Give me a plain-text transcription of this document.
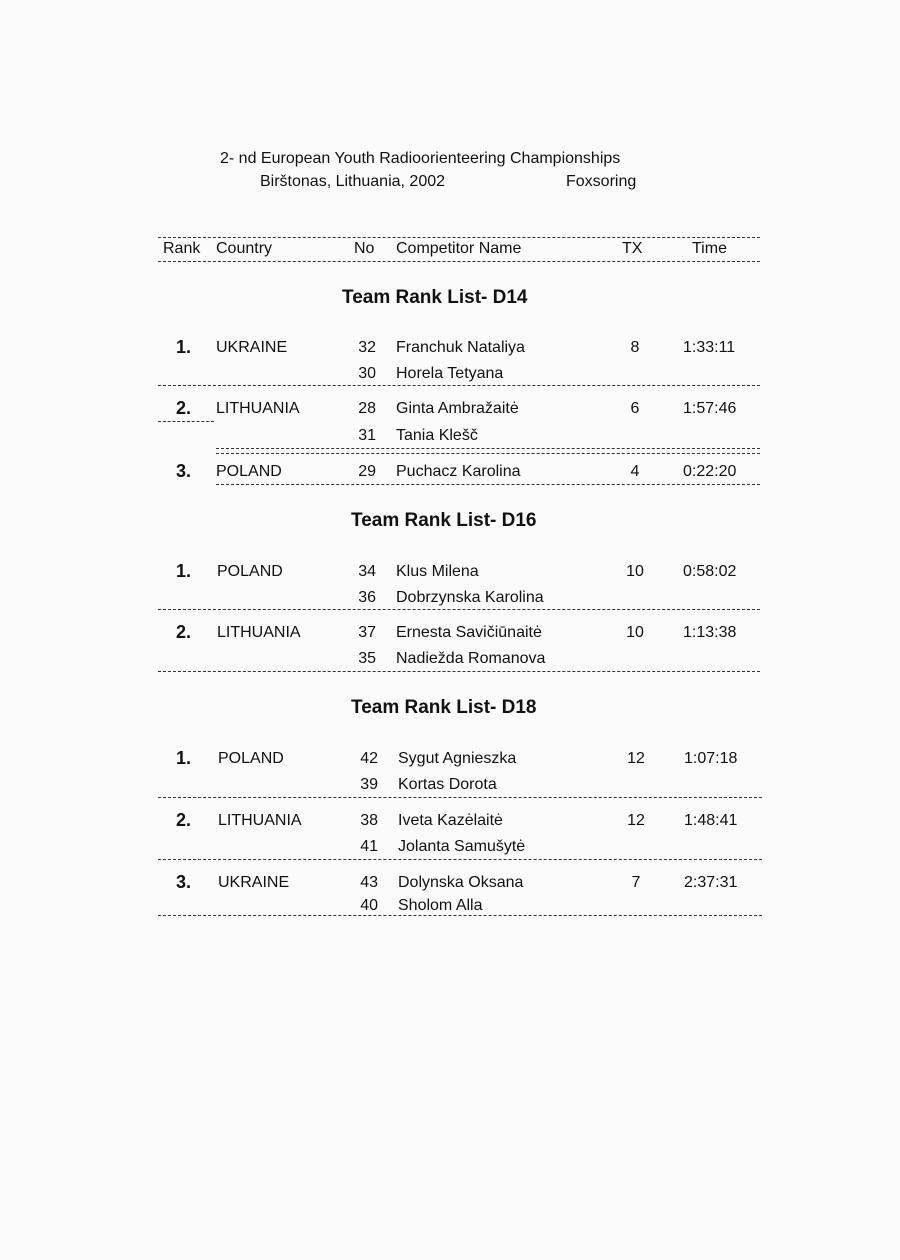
2- nd European Youth Radioorienteering Championships
Birštonas, Lithuania, 2002	Foxsoring
Rank Country	No Competitor Name	TX	Time
Team Rank List- D14
1. UKRAINE	32 Franchuk Nataliya	8	1:33:11
30 Horela Tetyana
2. LITHUANIA	28 Ginta Ambražaitė	6	1:57:46
31 Tania Klešč
3. POLAND	29 Puchacz Karolina	4	0:22:20
Team Rank List- D16
1. POLAND	34 Klus Milena	10	0:58:02
36 Dobrzynska Karolina
2. LITHUANIA	37 Ernesta Savičiūnaitė	10	1:13:38
35 Nadiežda Romanova
Team Rank List- D18
1. POLAND	42 Sygut Agnieszka	12	1:07:18
39 Kortas Dorota
2. LITHUANIA	38 Iveta Kazėlaitė	12	1:48:41
41 Jolanta Samušytė
3. UKRAINE	43 Dolynska Oksana	7	2:37:31
40 Sholom Alla
